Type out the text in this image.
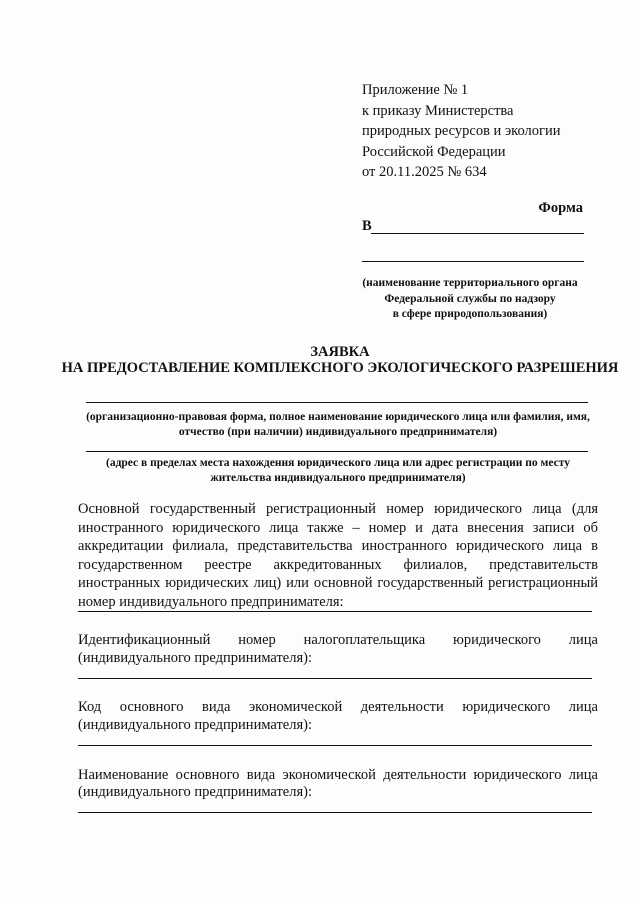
Приложение № 1
к приказу Министерства
природных ресурсов и экологии
Российской Федерации
от 20.11.2025 № 634
Форма
В
(наименование территориального органа
Федеральной службы по надзору
в сфере природопользования)
ЗАЯВКА
НА ПРЕДОСТАВЛЕНИЕ КОМПЛЕКСНОГО ЭКОЛОГИЧЕСКОГО РАЗРЕШЕНИЯ
(организационно-правовая форма, полное наименование юридического лица или фамилия, имя,
отчество (при наличии) индивидуального предпринимателя)
(адрес в пределах места нахождения юридического лица или адрес регистрации по месту
жительства индивидуального предпринимателя)
Основной государственный регистрационный номер юридического лица (для иностранного юридического лица также – номер и дата внесения записи об аккредитации филиала, представительства иностранного юридического лица в государственном реестре аккредитованных филиалов, представительств иностранных юридических лиц) или основной государственный регистрационный номер индивидуального предпринимателя:
Идентификационный номер налогоплательщика юридического лица
(индивидуального предпринимателя):
Код основного вида экономической деятельности юридического лица
(индивидуального предпринимателя):
Наименование основного вида экономической деятельности юридического лица
(индивидуального предпринимателя):
